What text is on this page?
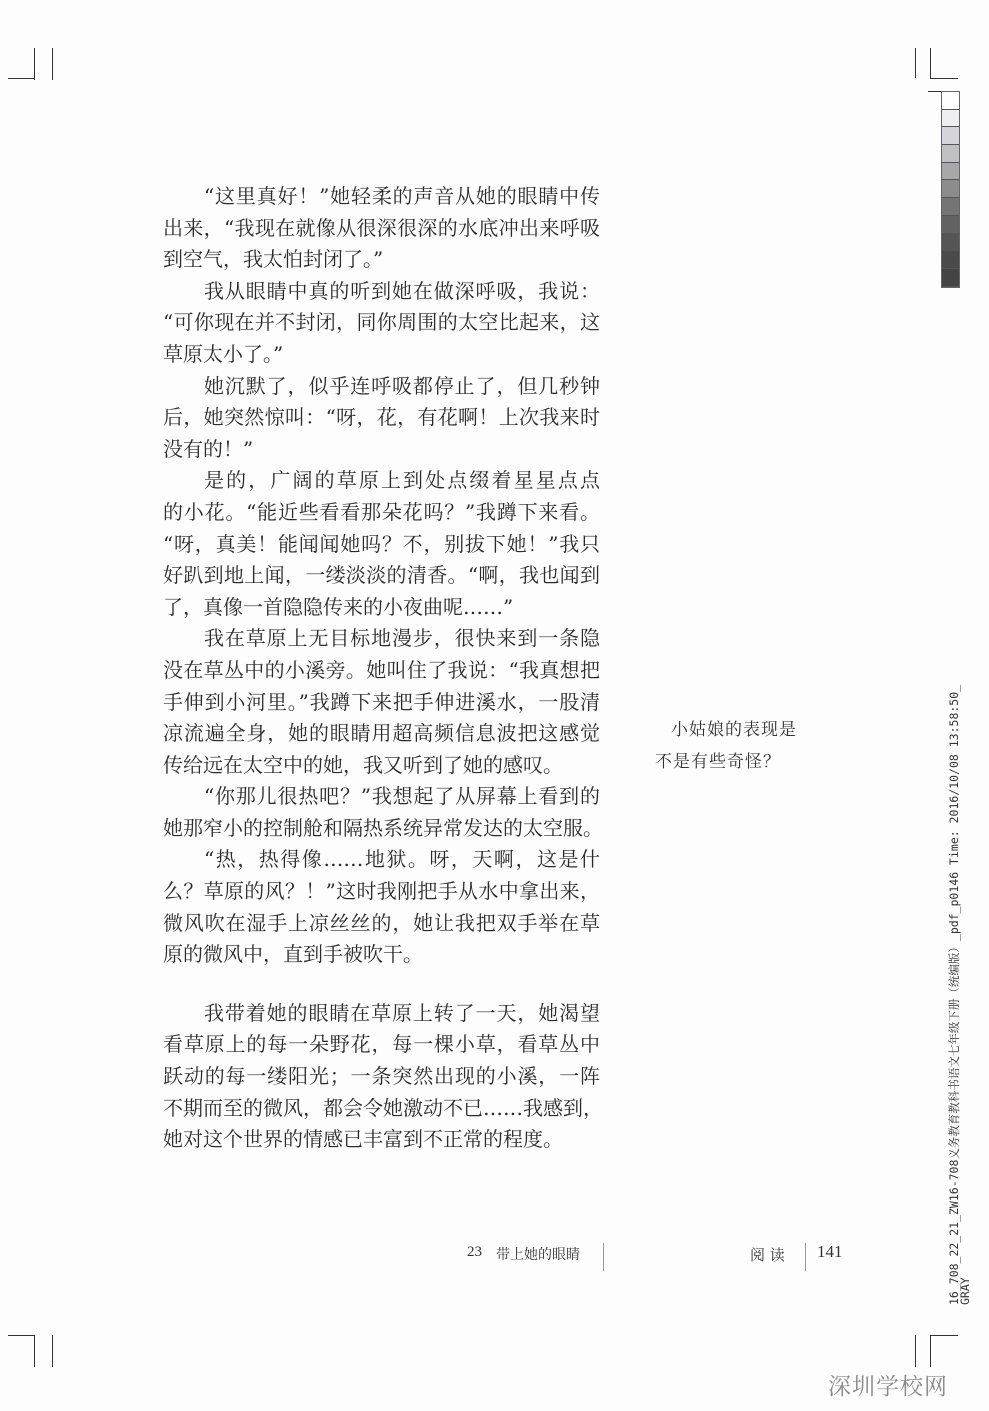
“这里真好！”她轻柔的声音从她的眼睛中传
出来，“我现在就像从很深很深的水底冲出来呼吸
到空气，我太怕封闭了。”
我从眼睛中真的听到她在做深呼吸，我说：
“可你现在并不封闭，同你周围的太空比起来，这
草原太小了。”
她沉默了，似乎连呼吸都停止了，但几秒钟
后，她突然惊叫：“呀，花，有花啊！上次我来时
没有的！”
是的，广阔的草原上到处点缀着星星点点
的小花。“能近些看看那朵花吗？”我蹲下来看。
“呀，真美！能闻闻她吗？不，别拔下她！”我只
好趴到地上闻，一缕淡淡的清香。“啊，我也闻到
了，真像一首隐隐传来的小夜曲呢……”
我在草原上无目标地漫步，很快来到一条隐
没在草丛中的小溪旁。她叫住了我说：“我真想把
手伸到小河里。”我蹲下来把手伸进溪水，一股清
凉流遍全身，她的眼睛用超高频信息波把这感觉
传给远在太空中的她，我又听到了她的感叹。
“你那儿很热吧？”我想起了从屏幕上看到的
她那窄小的控制舱和隔热系统异常发达的太空服。
“热，热得像……地狱。呀，天啊，这是什
么？草原的风？！”这时我刚把手从水中拿出来，
微风吹在湿手上凉丝丝的，她让我把双手举在草
原的微风中，直到手被吹干。
我带着她的眼睛在草原上转了一天，她渴望
看草原上的每一朵野花，每一棵小草，看草丛中
跃动的每一缕阳光；一条突然出现的小溪，一阵
不期而至的微风，都会令她激动不已……我感到，
她对这个世界的情感已丰富到不正常的程度。
小姑娘的表现是
不是有些奇怪？
23 带上她的眼睛	阅 读 141	16_708_22_21_ZW16-708义务教育教科书语文七年级下册（统编版）_pdf_p0146 Time: 2016/10/08 13:58:50_
GRAY
深圳学校网
